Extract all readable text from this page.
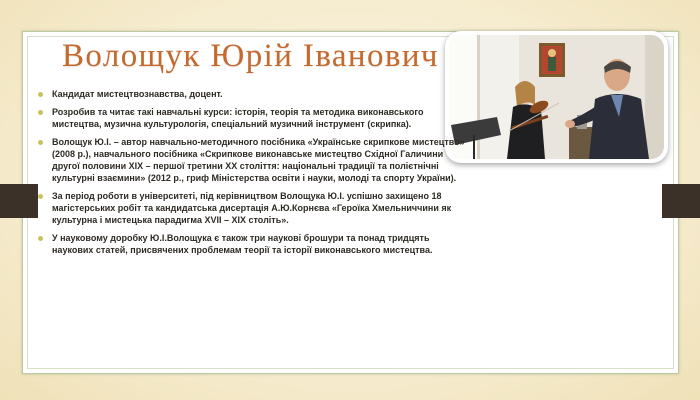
Волощук Юрій Іванович
Кандидат мистецтвознавства, доцент.
Розробив та читає такі навчальні курси: історія, теорія та методика виконавського мистецтва, музична культурологія, спеціальний музичний інструмент (скрипка).
Волощук Ю.І. – автор навчально-методичного посібника «Українське скрипкове мистецтво» (2008 р.), навчального посібника «Скрипкове виконавське мистецтво Східної Галичини другої половини XIX – першої третини XX століття: національні традиції та полієтнічні культурні взаємини» (2012 р., гриф Міністерства освіти і науки, молоді та спорту України).
За період роботи в університеті, під керівництвом Волощука Ю.І. успішно захищено 18 магістерських робіт та кандидатська дисертація А.Ю.Корнєва «Героїка Хмельниччини як культурна і мистецька парадигма XVII – XIX століть».
У науковому доробку Ю.І.Волощука є також три наукові брошури та понад тридцять наукових статей, присвячених проблемам теорії та історії виконавського мистецтва.
